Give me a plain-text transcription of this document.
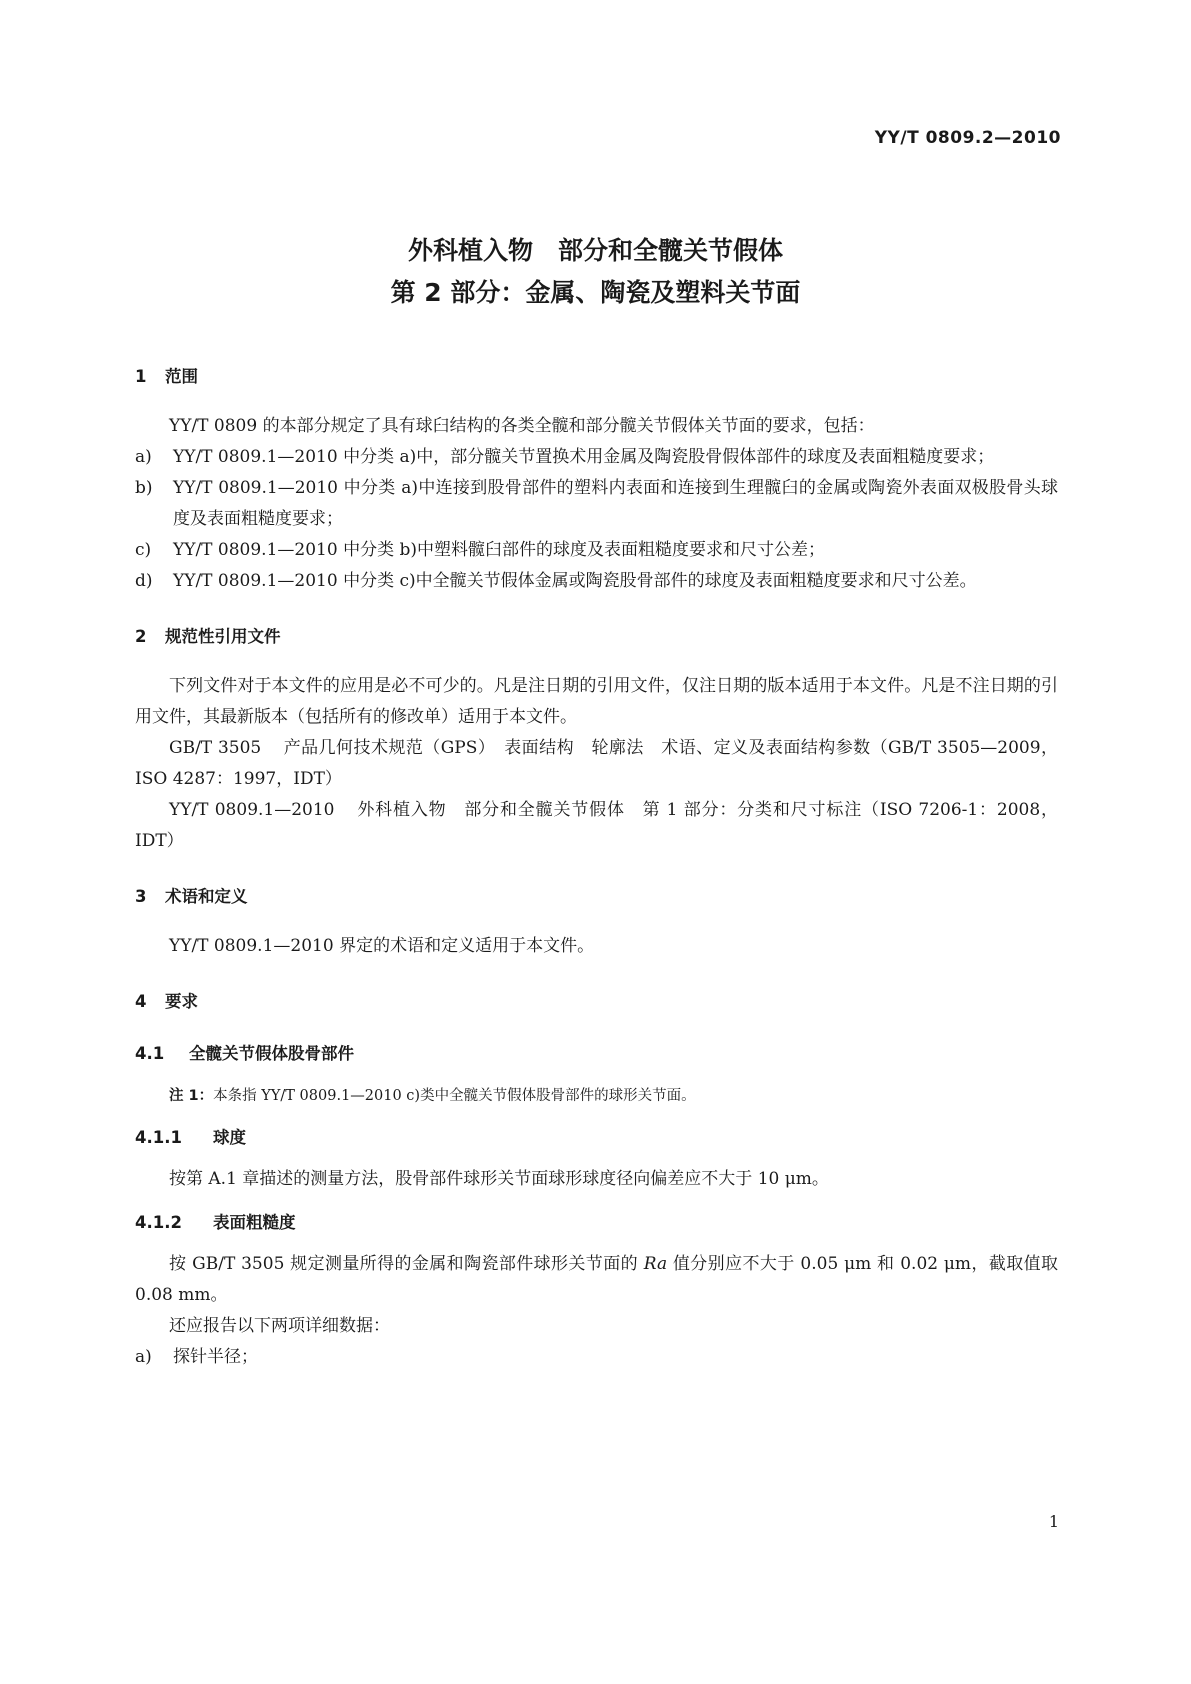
YY/T 0809.2—2010
外科植入物　部分和全髋关节假体
第 2 部分：金属、陶瓷及塑料关节面
1 范围

YY/T 0809 的本部分规定了具有球臼结构的各类全髋和部分髋关节假体关节面的要求，包括：

a)	YY/T 0809.1—2010 中分类 a)中，部分髋关节置换术用金属及陶瓷股骨假体部件的球度及表面粗糙度要求；
b)	YY/T 0809.1—2010 中分类 a)中连接到股骨部件的塑料内表面和连接到生理髋臼的金属或陶瓷外表面双极股骨头球度及表面粗糙度要求；
c)	YY/T 0809.1—2010 中分类 b)中塑料髋臼部件的球度及表面粗糙度要求和尺寸公差；
d)	YY/T 0809.1—2010 中分类 c)中全髋关节假体金属或陶瓷股骨部件的球度及表面粗糙度要求和尺寸公差。
2 规范性引用文件

下列文件对于本文件的应用是必不可少的。凡是注日期的引用文件，仅注日期的版本适用于本文件。凡是不注日期的引用文件，其最新版本（包括所有的修改单）适用于本文件。

GB/T 3505 产品几何技术规范（GPS）　表面结构　轮廓法　术语、定义及表面结构参数（GB/T 3505—2009，ISO 4287：1997，IDT）

YY/T 0809.1—2010 外科植入物　部分和全髋关节假体　第 1 部分：分类和尺寸标注（ISO 7206-1：2008，IDT）

3 术语和定义

YY/T 0809.1—2010 界定的术语和定义适用于本文件。

4 要求
4.1 全髋关节假体股骨部件

注 1：本条指 YY/T 0809.1—2010 c)类中全髋关节假体股骨部件的球形关节面。

4.1.1 球度

按第 A.1 章描述的测量方法，股骨部件球形关节面球形球度径向偏差应不大于 10 μm。

4.1.2 表面粗糙度

按 GB/T 3505 规定测量所得的金属和陶瓷部件球形关节面的 Ra 值分别应不大于 0.05 μm 和 0.02 μm，截取值取 0.08 mm。

还应报告以下两项详细数据：

a)	探针半径；
1
